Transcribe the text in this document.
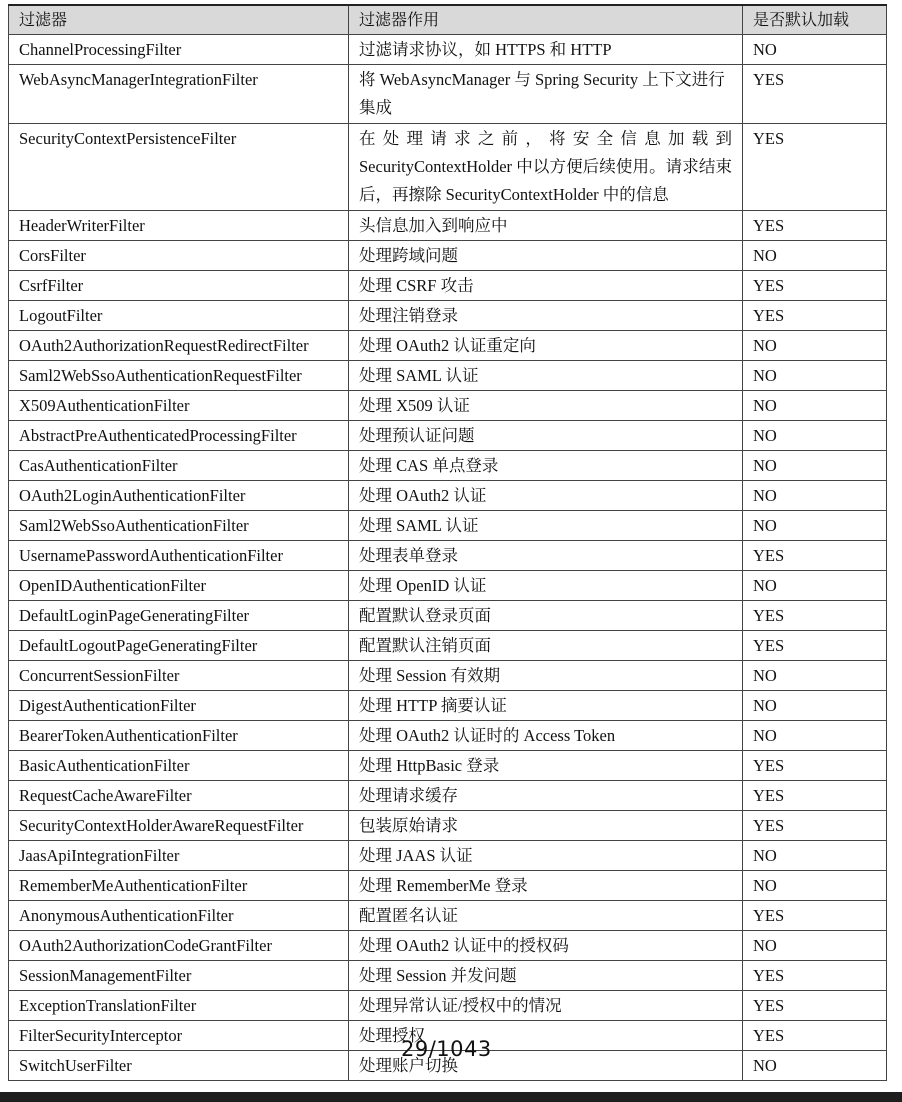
过滤器	过滤器作用	是否默认加载
ChannelProcessingFilter	过滤请求协议，如 HTTPS 和 HTTP	NO
WebAsyncManagerIntegrationFilter	将 WebAsyncManager 与 Spring Security 上下文进行集成	YES
SecurityContextPersistenceFilter	在处理请求之前，将安全信息加载到 SecurityContextHolder 中以方便后续使用。请求结束后，再擦除 SecurityContextHolder 中的信息	YES
HeaderWriterFilter	头信息加入到响应中	YES
CorsFilter	处理跨域问题	NO
CsrfFilter	处理 CSRF 攻击	YES
LogoutFilter	处理注销登录	YES
OAuth2AuthorizationRequestRedirectFilter	处理 OAuth2 认证重定向	NO
Saml2WebSsoAuthenticationRequestFilter	处理 SAML 认证	NO
X509AuthenticationFilter	处理 X509 认证	NO
AbstractPreAuthenticatedProcessingFilter	处理预认证问题	NO
CasAuthenticationFilter	处理 CAS 单点登录	NO
OAuth2LoginAuthenticationFilter	处理 OAuth2 认证	NO
Saml2WebSsoAuthenticationFilter	处理 SAML 认证	NO
UsernamePasswordAuthenticationFilter	处理表单登录	YES
OpenIDAuthenticationFilter	处理 OpenID 认证	NO
DefaultLoginPageGeneratingFilter	配置默认登录页面	YES
DefaultLogoutPageGeneratingFilter	配置默认注销页面	YES
ConcurrentSessionFilter	处理 Session 有效期	NO
DigestAuthenticationFilter	处理 HTTP 摘要认证	NO
BearerTokenAuthenticationFilter	处理 OAuth2 认证时的 Access Token	NO
BasicAuthenticationFilter	处理 HttpBasic 登录	YES
RequestCacheAwareFilter	处理请求缓存	YES
SecurityContextHolderAwareRequestFilter	包装原始请求	YES
JaasApiIntegrationFilter	处理 JAAS 认证	NO
RememberMeAuthenticationFilter	处理 RememberMe 登录	NO
AnonymousAuthenticationFilter	配置匿名认证	YES
OAuth2AuthorizationCodeGrantFilter	处理 OAuth2 认证中的授权码	NO
SessionManagementFilter	处理 Session 并发问题	YES
ExceptionTranslationFilter	处理异常认证/授权中的情况	YES
FilterSecurityInterceptor	处理授权	YES
SwitchUserFilter	处理账户切换	NO
29/1043
